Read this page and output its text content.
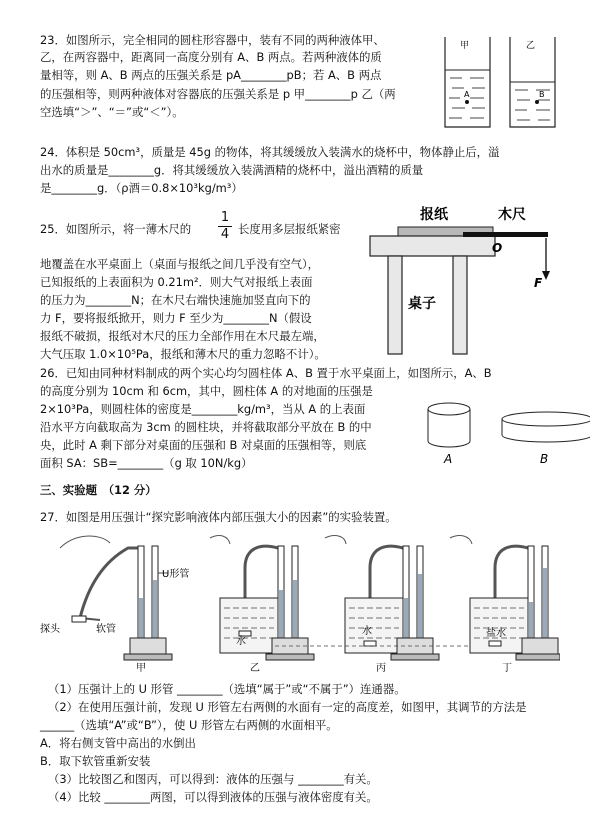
23．如图所示，完全相同的圆柱形容器中，装有不同的两种液体甲、
乙，在两容器中，距离同一高度分别有 A、B 两点。若两种液体的质
量相等，则 A、B 两点的压强关系是 pA________pB；若 A、B 两点
的压强相等，则两种液体对容器底的压强关系是 p 甲________p 乙（两
空选填“＞”、“＝”或“＜”）。
甲
A
乙
B
24．体积是 50cm³，质量是 45g 的物体，将其缓缓放入装满水的烧杯中，物体静止后，溢
出水的质量是________g．将其缓缓放入装满酒精的烧杯中，溢出酒精的质量
是________g．（ρ酒＝0.8×10³kg/m³）
25．如图所示，将一薄木尺的 $\frac{1}{4}$ 长度用多层报纸紧密
地覆盖在水平桌面上（桌面与报纸之间几乎没有空气），
已知报纸的上表面积为 0.21m²．则大气对报纸上表面
的压力为________N；在木尺右端快速施加竖直向下的
力 F，要将报纸掀开，则力 F 至少为________N（假设
报纸不破损，报纸对木尺的压力全部作用在木尺最左端，
大气压取 1.0×10⁵Pa，报纸和薄木尺的重力忽略不计）。
报纸	木尺
O
F
桌子
26．已知由同种材料制成的两个实心均匀圆柱体 A、B 置于水平桌面上，如图所示，A、B
的高度分别为 10cm 和 6cm，其中，圆柱体 A 的对地面的压强是
2×10³Pa，则圆柱体的密度是________kg/m³，当从 A 的上表面
沿水平方向截取高为 3cm 的圆柱块，并将截取部分平放在 B 的中
央，此时 A 剩下部分对桌面的压强和 B 对桌面的压强相等，则底
面积 SA：SB=________（g 取 10N/kg）	A	B
三、实验题　（12 分）
27．如图是用压强计“探究影响液体内部压强大小的因素”的实验装置。
U形管
探头	软管
水
水	盐水
甲	乙	丙	丁
（1）压强计上的 U 形管 ________（选填“属于”或“不属于”）连通器。
（2）在使用压强计前，发现 U 形管左右两侧的水面有一定的高度差，如图甲，其调节的方法是
______（选填“A”或“B”），使 U 形管左右两侧的水面相平。
A．将右侧支管中高出的水倒出
B．取下软管重新安装
（3）比较图乙和图丙，可以得到：液体的压强与 ________有关。
（4）比较 ________两图，可以得到液体的压强与液体密度有关。
